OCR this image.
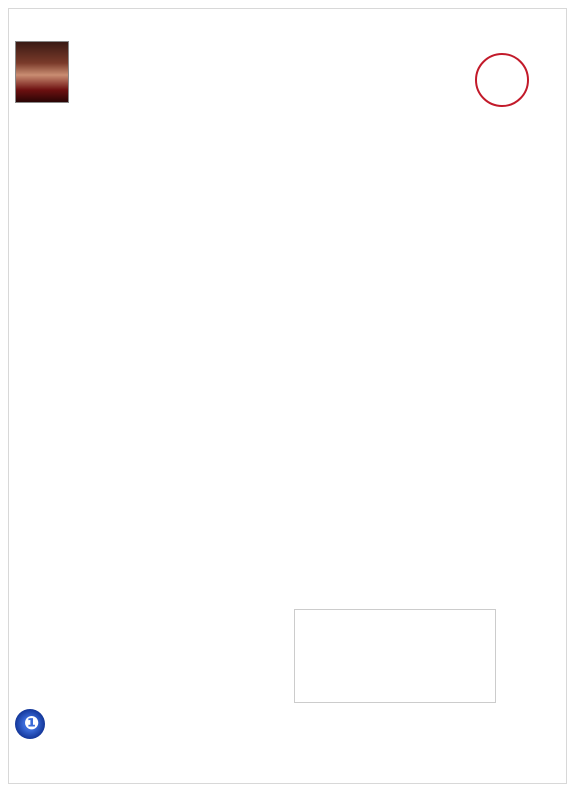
❶
